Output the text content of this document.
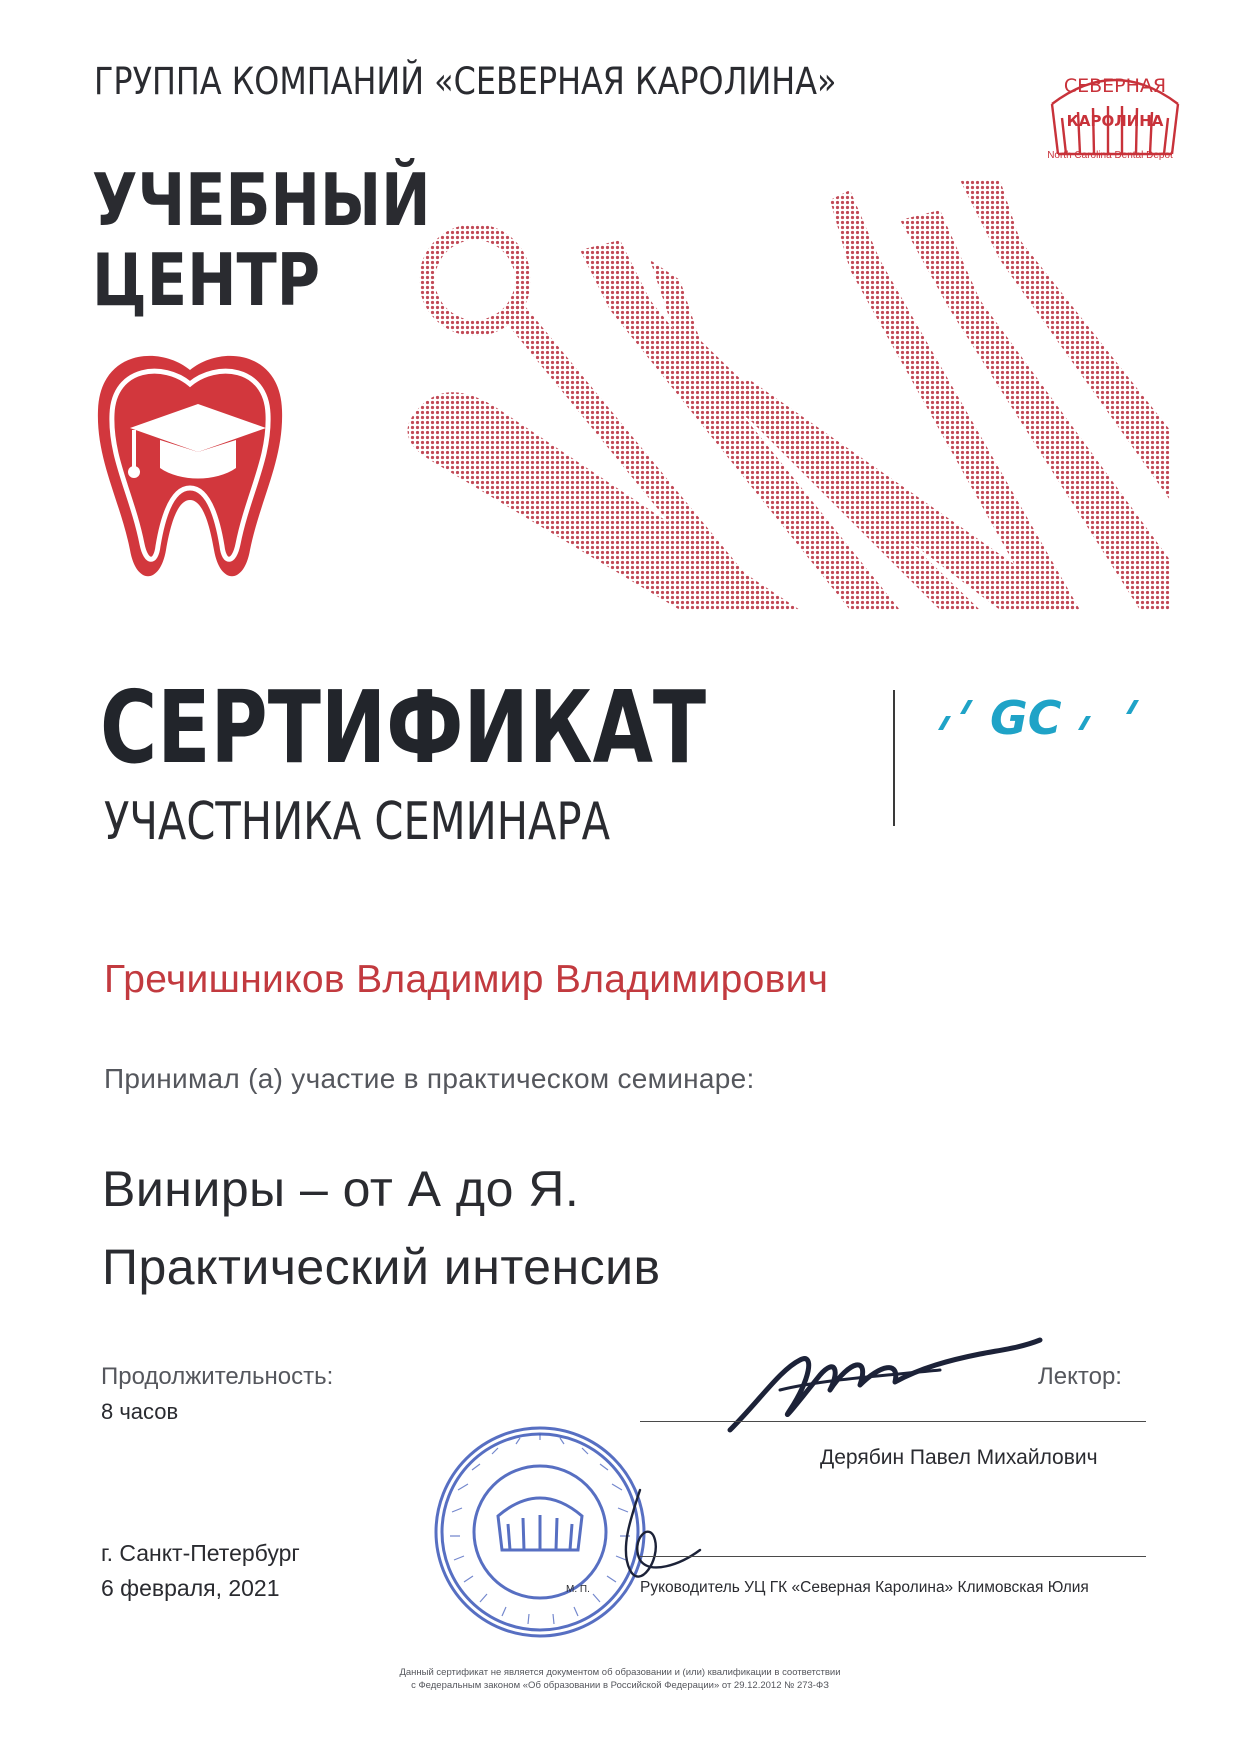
ГРУППА КОМПАНИЙ «СЕВЕРНАЯ КАРОЛИНА»
УЧЕБНЫЙ
ЦЕНТР
СЕВЕРНАЯ
КАРОЛИНА
North Carolina Dental Depot
СЕРТИФИКАТ
УЧАСТНИКА СЕМИНАРА
GC
Гречишников Владимир Владимирович
Принимал (а) участие в практическом семинаре:
Виниры – от А до Я.
Практический интенсив
Продолжительность:
8 часов
Лектор:
Дерябин Павел Михайлович
г. Санкт-Петербург
6 февраля, 2021	М. П.	Руководитель УЦ ГК «Северная Каролина» Климовская Юлия
Данный сертификат не является документом об образовании и (или) квалификации в соответствии
с Федеральным законом «Об образовании в Российской Федерации» от 29.12.2012 № 273-ФЗ
